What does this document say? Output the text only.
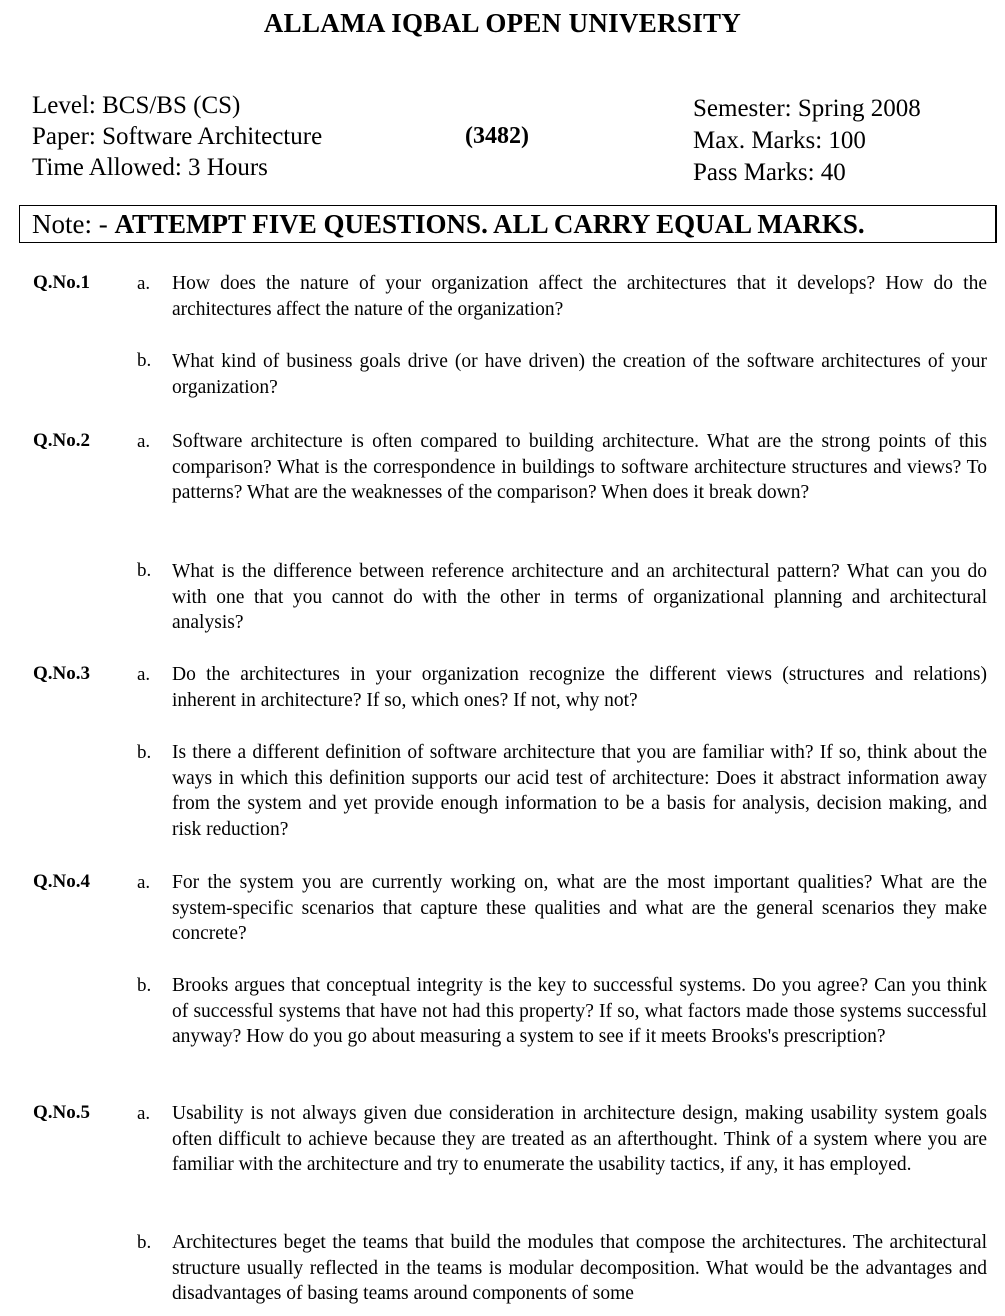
ALLAMA IQBAL OPEN UNIVERSITY
Level: BCS/BS (CS)
Paper: Software Architecture
Time Allowed: 3 Hours
(3482)
Semester: Spring 2008
Max. Marks: 100
Pass Marks: 40
Note: - ATTEMPT FIVE QUESTIONS. ALL CARRY EQUAL MARKS.
Q.No.1 a. How does the nature of your organization affect the architectures that it develops? How do the architectures affect the nature of the organization?
b. What kind of business goals drive (or have driven) the creation of the software architectures of your organization?
Q.No.2 a. Software architecture is often compared to building architecture. What are the strong points of this comparison? What is the correspondence in buildings to software architecture structures and views? To patterns? What are the weaknesses of the comparison? When does it break down?
b. What is the difference between reference architecture and an architectural pattern? What can you do with one that you cannot do with the other in terms of organizational planning and architectural analysis?
Q.No.3 a. Do the architectures in your organization recognize the different views (structures and relations) inherent in architecture? If so, which ones? If not, why not?
b. Is there a different definition of software architecture that you are familiar with? If so, think about the ways in which this definition supports our acid test of architecture: Does it abstract information away from the system and yet provide enough information to be a basis for analysis, decision making, and risk reduction?
Q.No.4 a. For the system you are currently working on, what are the most important qualities? What are the system-specific scenarios that capture these qualities and what are the general scenarios they make concrete?
b. Brooks argues that conceptual integrity is the key to successful systems. Do you agree? Can you think of successful systems that have not had this property? If so, what factors made those systems successful anyway? How do you go about measuring a system to see if it meets Brooks's prescription?
Q.No.5 a. Usability is not always given due consideration in architecture design, making usability system goals often difficult to achieve because they are treated as an afterthought. Think of a system where you are familiar with the architecture and try to enumerate the usability tactics, if any, it has employed.
b. Architectures beget the teams that build the modules that compose the architectures. The architectural structure usually reflected in the teams is modular decomposition. What would be the advantages and disadvantages of basing teams around components of some
